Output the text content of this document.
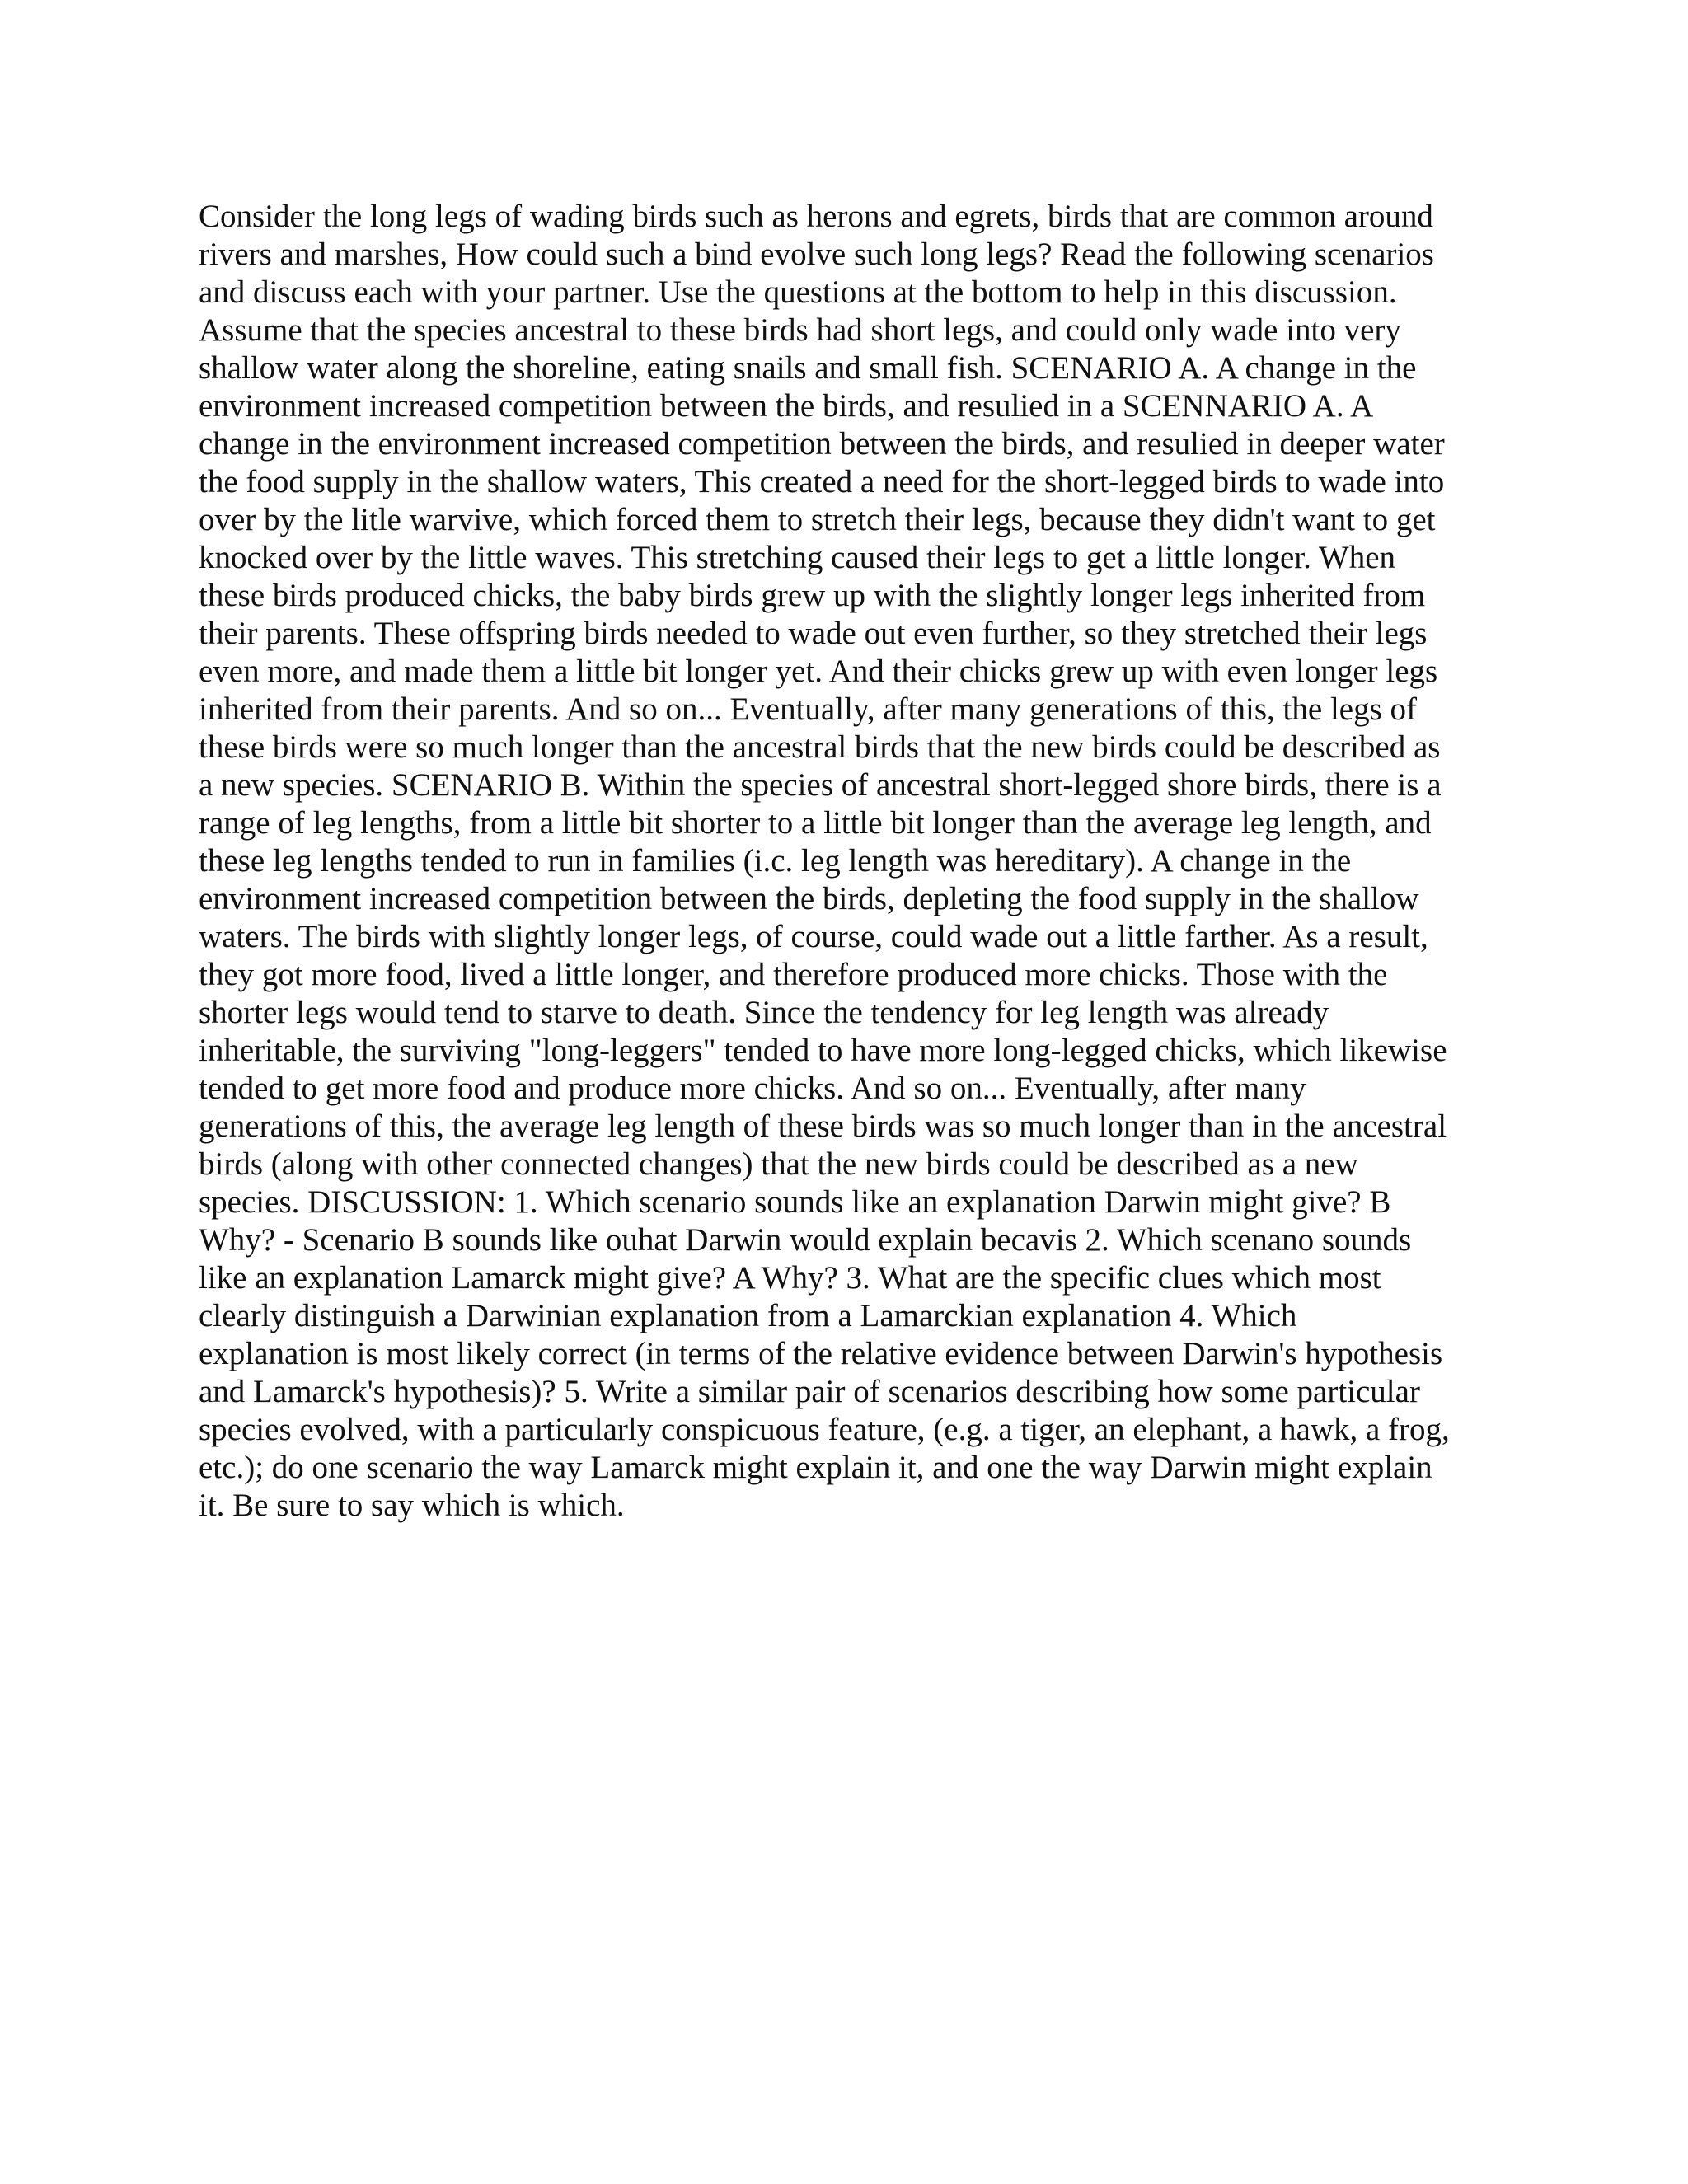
Consider the long legs of wading birds such as herons and egrets, birds that are common around
rivers and marshes, How could such a bind evolve such long legs? Read the following scenarios
and discuss each with your partner. Use the questions at the bottom to help in this discussion.
Assume that the species ancestral to these birds had short legs, and could only wade into very
shallow water along the shoreline, eating snails and small fish. SCENARIO A. A change in the
environment increased competition between the birds, and resulied in a SCENNARIO A. A
change in the environment increased competition between the birds, and resulied in deeper water
the food supply in the shallow waters, This created a need for the short-legged birds to wade into
over by the litle warvive, which forced them to stretch their legs, because they didn't want to get
knocked over by the little waves. This stretching caused their legs to get a little longer. When
these birds produced chicks, the baby birds grew up with the slightly longer legs inherited from
their parents. These offspring birds needed to wade out even further, so they stretched their legs
even more, and made them a little bit longer yet. And their chicks grew up with even longer legs
inherited from their parents. And so on... Eventually, after many generations of this, the legs of
these birds were so much longer than the ancestral birds that the new birds could be described as
a new species. SCENARIO B. Within the species of ancestral short-legged shore birds, there is a
range of leg lengths, from a little bit shorter to a little bit longer than the average leg length, and
these leg lengths tended to run in families (i.c. leg length was hereditary). A change in the
environment increased competition between the birds, depleting the food supply in the shallow
waters. The birds with slightly longer legs, of course, could wade out a little farther. As a result,
they got more food, lived a little longer, and therefore produced more chicks. Those with the
shorter legs would tend to starve to death. Since the tendency for leg length was already
inheritable, the surviving "long-leggers" tended to have more long-legged chicks, which likewise
tended to get more food and produce more chicks. And so on... Eventually, after many
generations of this, the average leg length of these birds was so much longer than in the ancestral
birds (along with other connected changes) that the new birds could be described as a new
species. DISCUSSION: 1. Which scenario sounds like an explanation Darwin might give? B
Why? - Scenario B sounds like ouhat Darwin would explain becavis 2. Which scenano sounds
like an explanation Lamarck might give? A Why? 3. What are the specific clues which most
clearly distinguish a Darwinian explanation from a Lamarckian explanation 4. Which
explanation is most likely correct (in terms of the relative evidence between Darwin's hypothesis
and Lamarck's hypothesis)? 5. Write a similar pair of scenarios describing how some particular
species evolved, with a particularly conspicuous feature, (e.g. a tiger, an elephant, a hawk, a frog,
etc.); do one scenario the way Lamarck might explain it, and one the way Darwin might explain
it. Be sure to say which is which.
